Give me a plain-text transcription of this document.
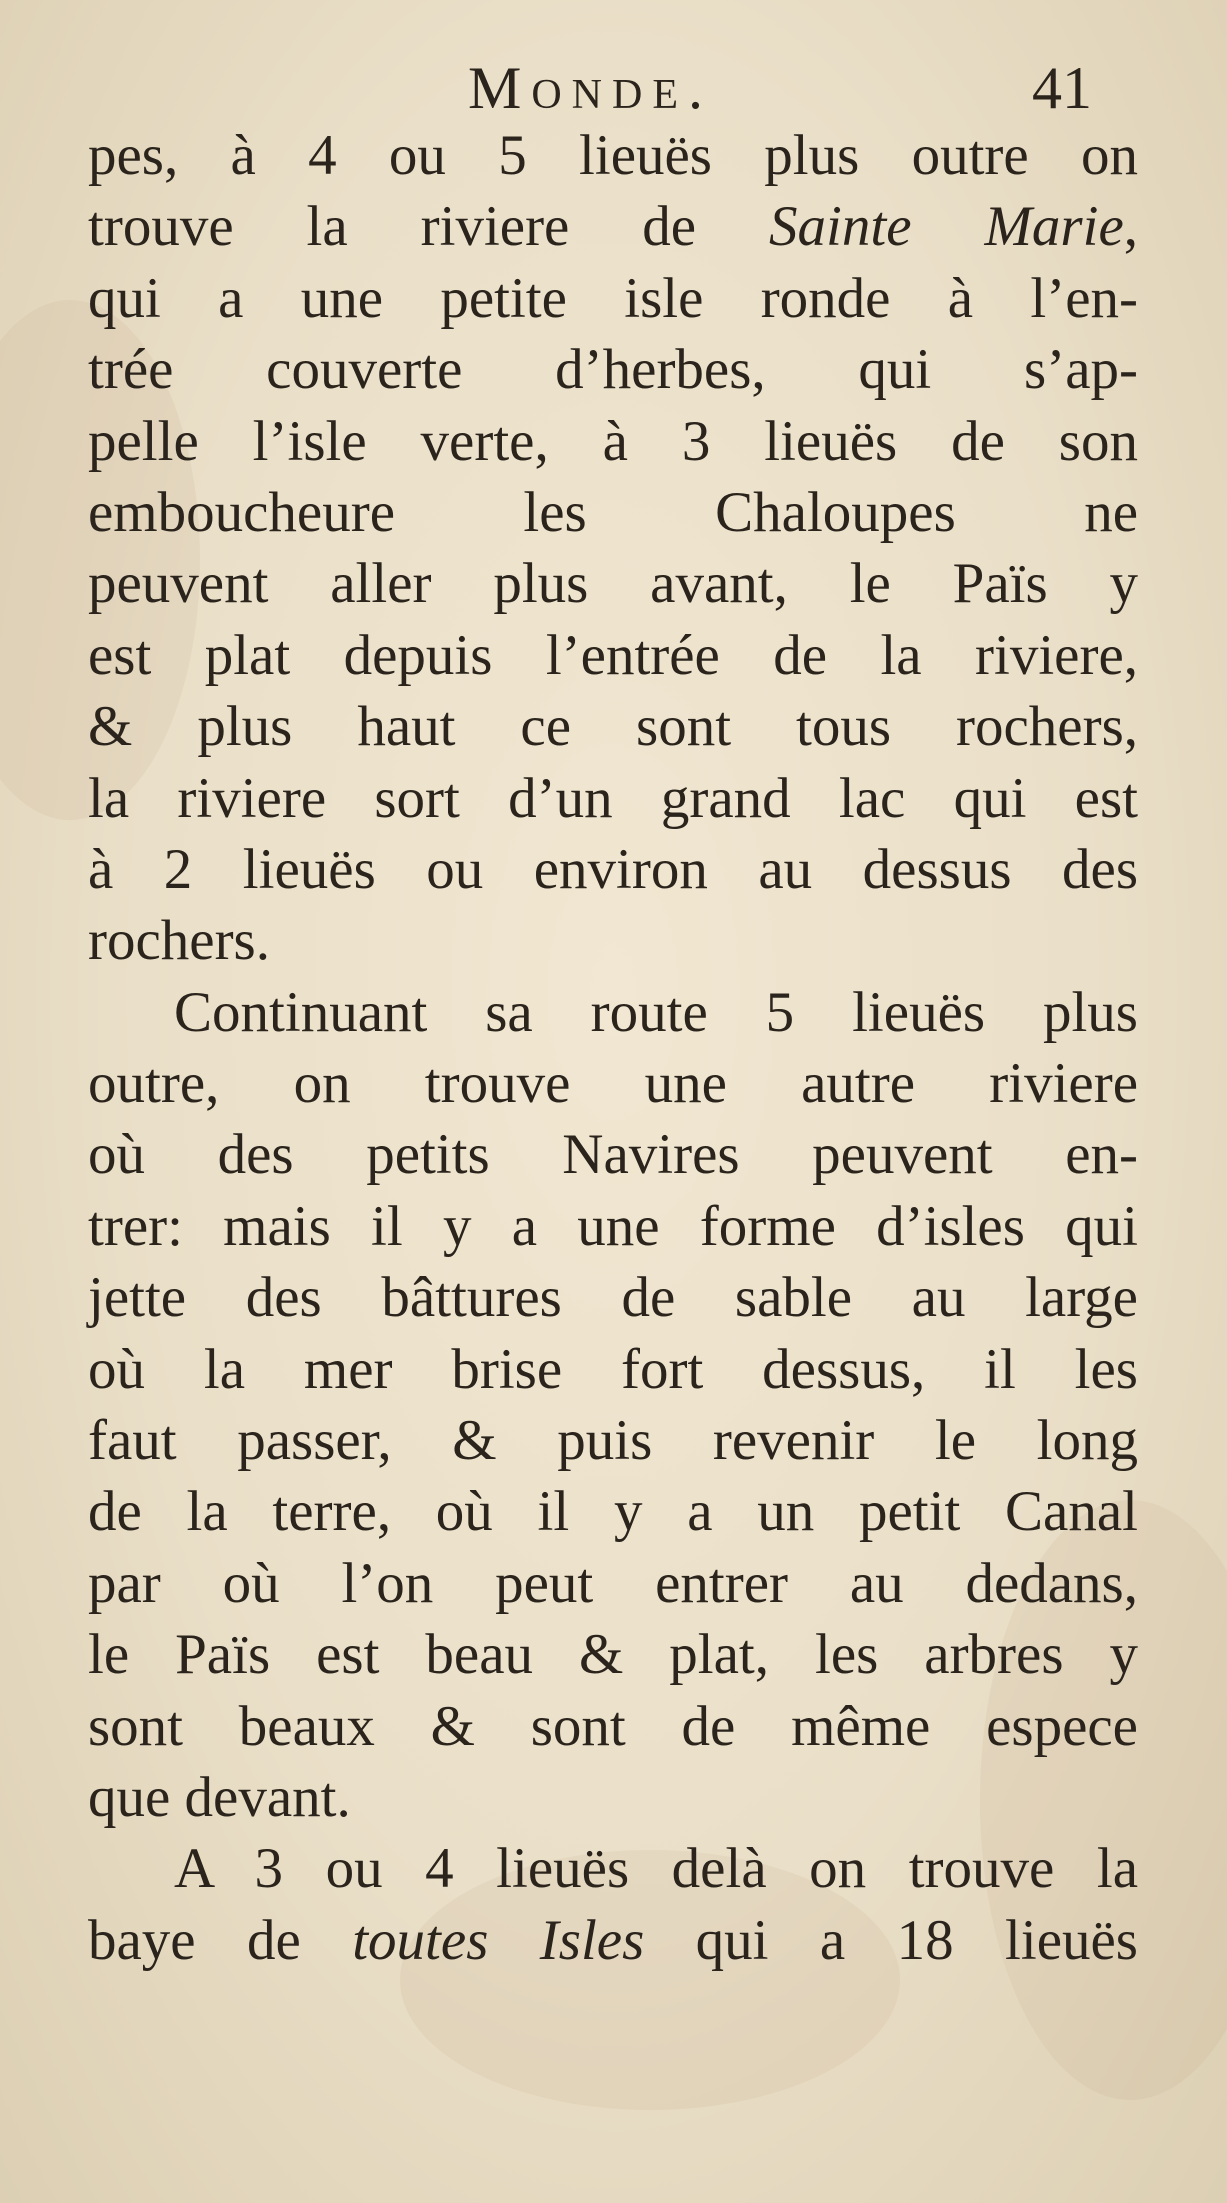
Monde.	41
pes, à 4 ou 5 lieuës plus outre on
trouve la riviere de Sainte Marie,
qui a une petite isle ronde à l’en-
trée couverte d’herbes, qui s’ap-
pelle l’isle verte, à 3 lieuës de son
emboucheure les Chaloupes ne
peuvent aller plus avant, le Païs y
est plat depuis l’entrée de la riviere,
& plus haut ce sont tous rochers,
la riviere sort d’un grand lac qui est
à 2 lieuës ou environ au dessus des
rochers.
Continuant sa route 5 lieuës plus
outre, on trouve une autre riviere
où des petits Navires peuvent en-
trer: mais il y a une forme d’isles qui
jette des bâttures de sable au large
où la mer brise fort dessus, il les
faut passer, & puis revenir le long
de la terre, où il y a un petit Canal
par où l’on peut entrer au dedans,
le Païs est beau & plat, les arbres y
sont beaux & sont de même espece
que devant.
A 3 ou 4 lieuës delà on trouve la
baye de toutes Isles qui a 18 lieuës
